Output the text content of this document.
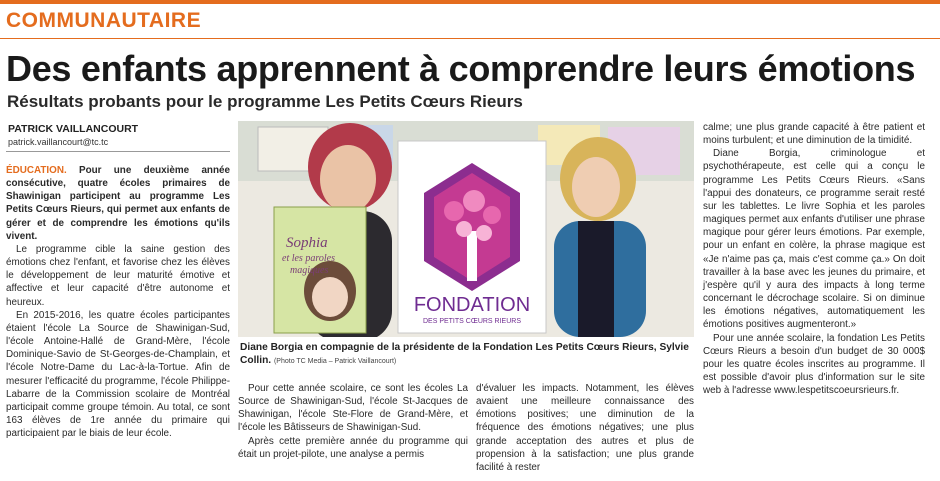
COMMUNAUTAIRE
Des enfants apprennent à comprendre leurs émotions
Résultats probants pour le programme Les Petits Cœurs Rieurs
PATRICK VAILLANCOURT
patrick.vaillancourt@tc.tc

ÉDUCATION. Pour une deuxième année consécutive, quatre écoles primaires de Shawinigan participent au programme Les Petits Cœurs Rieurs, qui permet aux enfants de gérer et de comprendre les émotions qu'ils vivent.

Le programme cible la saine gestion des émotions chez l'enfant, et favorise chez les élèves le développement de leur maturité émotive et affective et leur capacité d'être autonome et heureux.

En 2015-2016, les quatre écoles participantes étaient l'école La Source de Shawinigan-Sud, l'école Antoine-Hallé de Grand-Mère, l'école Dominique-Savio de St-Georges-de-Champlain, et l'école Notre-Dame du Lac-à-la-Tortue. Afin de mesurer l'efficacité du programme, l'école Philippe-Labarre de la Commission scolaire de Montréal participait comme groupe témoin. Au total, ce sont 163 élèves de 1re année du primaire qui participaient par le biais de leur école.

Sophia
et les paroles
magiques
FONDATION
DES PETITS CŒURS RIEURS
Diane Borgia en compagnie de la présidente de la Fondation Les Petits Cœurs Rieurs, Sylvie Collin. (Photo TC Media – Patrick Vaillancourt)

Pour cette année scolaire, ce sont les écoles La Source de Shawinigan-Sud, l'école St-Jacques de Shawinigan, l'école Ste-Flore de Grand-Mère, et l'école les Bâtisseurs de Shawinigan-Sud.

Après cette première année du programme qui était un projet-pilote, une analyse a permis

d'évaluer les impacts. Notamment, les élèves avaient une meilleure connaissance des émotions positives; une diminution de la fréquence des émotions négatives; une plus grande acceptation des autres et plus de propension à la satisfaction; une plus grande facilité à rester

calme; une plus grande capacité à être patient et moins turbulent; et une diminution de la timidité.

Diane Borgia, criminologue et psychothérapeute, est celle qui a conçu le programme Les Petits Cœurs Rieurs. «Sans l'appui des donateurs, ce programme serait resté sur les tablettes. Le livre Sophia et les paroles magiques permet aux enfants d'utiliser une phrase magique pour gérer leurs émotions. Par exemple, pour un enfant en colère, la phrase magique est «Je n'aime pas ça, mais c'est comme ça.» On doit travailler à la base avec les jeunes du primaire, et j'espère qu'il y aura des impacts à long terme concernant le décrochage scolaire. Si on diminue les émotions négatives, automatiquement les émotions positives augmenteront.»

Pour une année scolaire, la fondation Les Petits Cœurs Rieurs a besoin d'un budget de 30 000$ pour les quatre écoles inscrites au programme. Il est possible d'avoir plus d'information sur le site web à l'adresse www.lespetitscoeursrieurs.fr.
